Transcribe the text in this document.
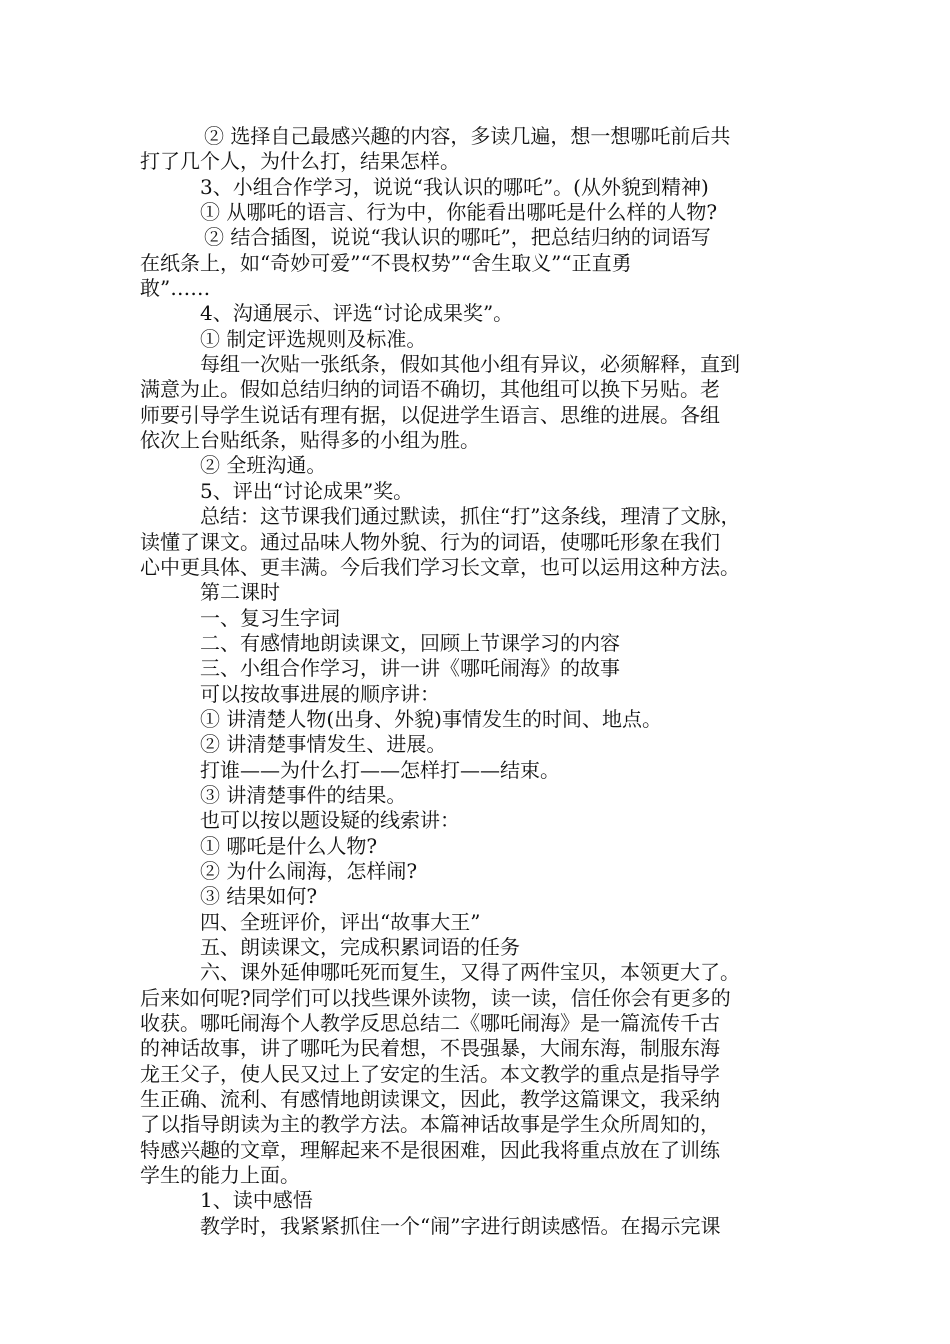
② 选择自己最感兴趣的内容，多读几遍，想一想哪吒前后共
打了几个人，为什么打，结果怎样。
3、小组合作学习，说说“我认识的哪吒”。(从外貌到精神)
① 从哪吒的语言、行为中，你能看出哪吒是什么样的人物?
② 结合插图，说说“我认识的哪吒”，把总结归纳的词语写
在纸条上，如“奇妙可爱”“不畏权势”“舍生取义”“正直勇
敢”……
4、沟通展示、评选“讨论成果奖”。
① 制定评选规则及标准。
每组一次贴一张纸条，假如其他小组有异议，必须解释，直到
满意为止。假如总结归纳的词语不确切，其他组可以换下另贴。老
师要引导学生说话有理有据，以促进学生语言、思维的进展。各组
依次上台贴纸条，贴得多的小组为胜。
② 全班沟通。
5、评出“讨论成果”奖。
总结：这节课我们通过默读，抓住“打”这条线，理清了文脉，
读懂了课文。通过品味人物外貌、行为的词语，使哪吒形象在我们
心中更具体、更丰满。今后我们学习长文章，也可以运用这种方法。
第二课时
一、复习生字词
二、有感情地朗读课文，回顾上节课学习的内容
三、小组合作学习，讲一讲《哪吒闹海》的故事
可以按故事进展的顺序讲：
① 讲清楚人物(出身、外貌)事情发生的时间、地点。
② 讲清楚事情发生、进展。
打谁——为什么打——怎样打——结束。
③ 讲清楚事件的结果。
也可以按以题设疑的线索讲：
① 哪吒是什么人物?
② 为什么闹海，怎样闹?
③ 结果如何?
四、全班评价，评出“故事大王”
五、朗读课文，完成积累词语的任务
六、课外延伸哪吒死而复生，又得了两件宝贝，本领更大了。
后来如何呢?同学们可以找些课外读物，读一读，信任你会有更多的
收获。哪吒闹海个人教学反思总结二《哪吒闹海》是一篇流传千古
的神话故事，讲了哪吒为民着想，不畏强暴，大闹东海，制服东海
龙王父子，使人民又过上了安定的生活。本文教学的重点是指导学
生正确、流利、有感情地朗读课文，因此，教学这篇课文，我采纳
了以指导朗读为主的教学方法。本篇神话故事是学生众所周知的，
特感兴趣的文章，理解起来不是很困难，因此我将重点放在了训练
学生的能力上面。
1、读中感悟
教学时，我紧紧抓住一个“闹”字进行朗读感悟。在揭示完课
